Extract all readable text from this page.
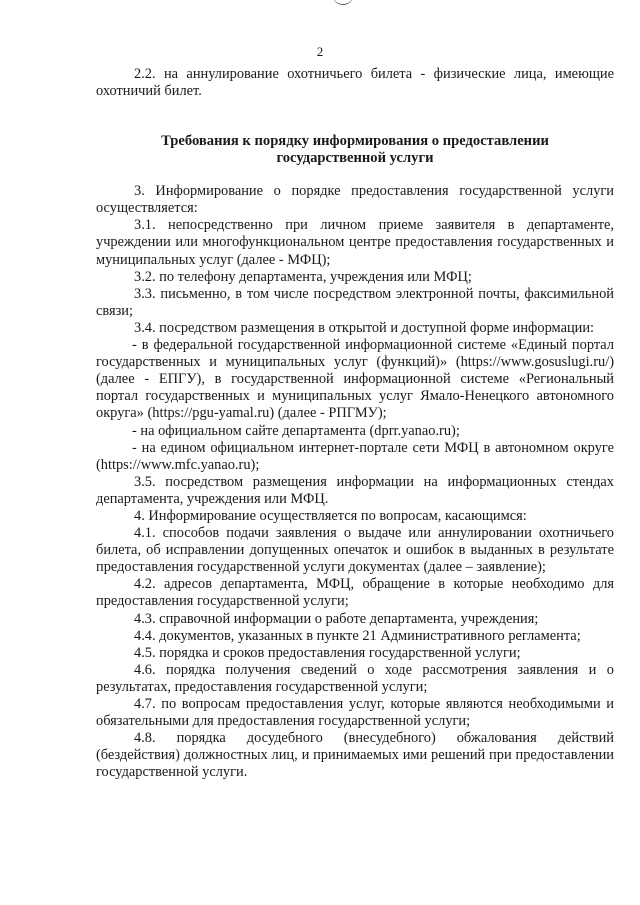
2

2.2. на аннулирование охотничьего билета - физические лица, имеющие охотничий билет.

Требования к порядку информирования о предоставлении
государственной услуги

3. Информирование о порядке предоставления государственной услуги осуществляется:

3.1. непосредственно при личном приеме заявителя в департаменте, учреждении или многофункциональном центре предоставления государственных и муниципальных услуг (далее - МФЦ);

3.2. по телефону департамента, учреждения или МФЦ;

3.3. письменно, в том числе посредством электронной почты, факсимильной связи;

3.4. посредством размещения в открытой и доступной форме информации:

- в федеральной государственной информационной системе «Единый портал государственных и муниципальных услуг (функций)» (https://www.gosuslugi.ru/) (далее - ЕПГУ), в государственной информационной системе «Региональный портал государственных и муниципальных услуг Ямало-Ненецкого автономного округа» (https://pgu-yamal.ru) (далее - РПГМУ);

- на официальном сайте департамента (dprr.yanao.ru);

- на едином официальном интернет-портале сети МФЦ в автономном округе (https://www.mfc.yanao.ru);

3.5. посредством размещения информации на информационных стендах департамента, учреждения или МФЦ.

4. Информирование осуществляется по вопросам, касающимся:

4.1. способов подачи заявления о выдаче или аннулировании охотничьего билета, об исправлении допущенных опечаток и ошибок в выданных в результате предоставления государственной услуги документах (далее – заявление);

4.2. адресов департамента, МФЦ, обращение в которые необходимо для предоставления государственной услуги;

4.3. справочной информации о работе департамента, учреждения;

4.4. документов, указанных в пункте 21 Административного регламента;

4.5. порядка и сроков предоставления государственной услуги;

4.6. порядка получения сведений о ходе рассмотрения заявления и о результатах, предоставления государственной услуги;

4.7. по вопросам предоставления услуг, которые являются необходимыми и обязательными для предоставления государственной услуги;

4.8. порядка досудебного (внесудебного) обжалования действий (бездействия) должностных лиц, и принимаемых ими решений при предоставлении государственной услуги.
